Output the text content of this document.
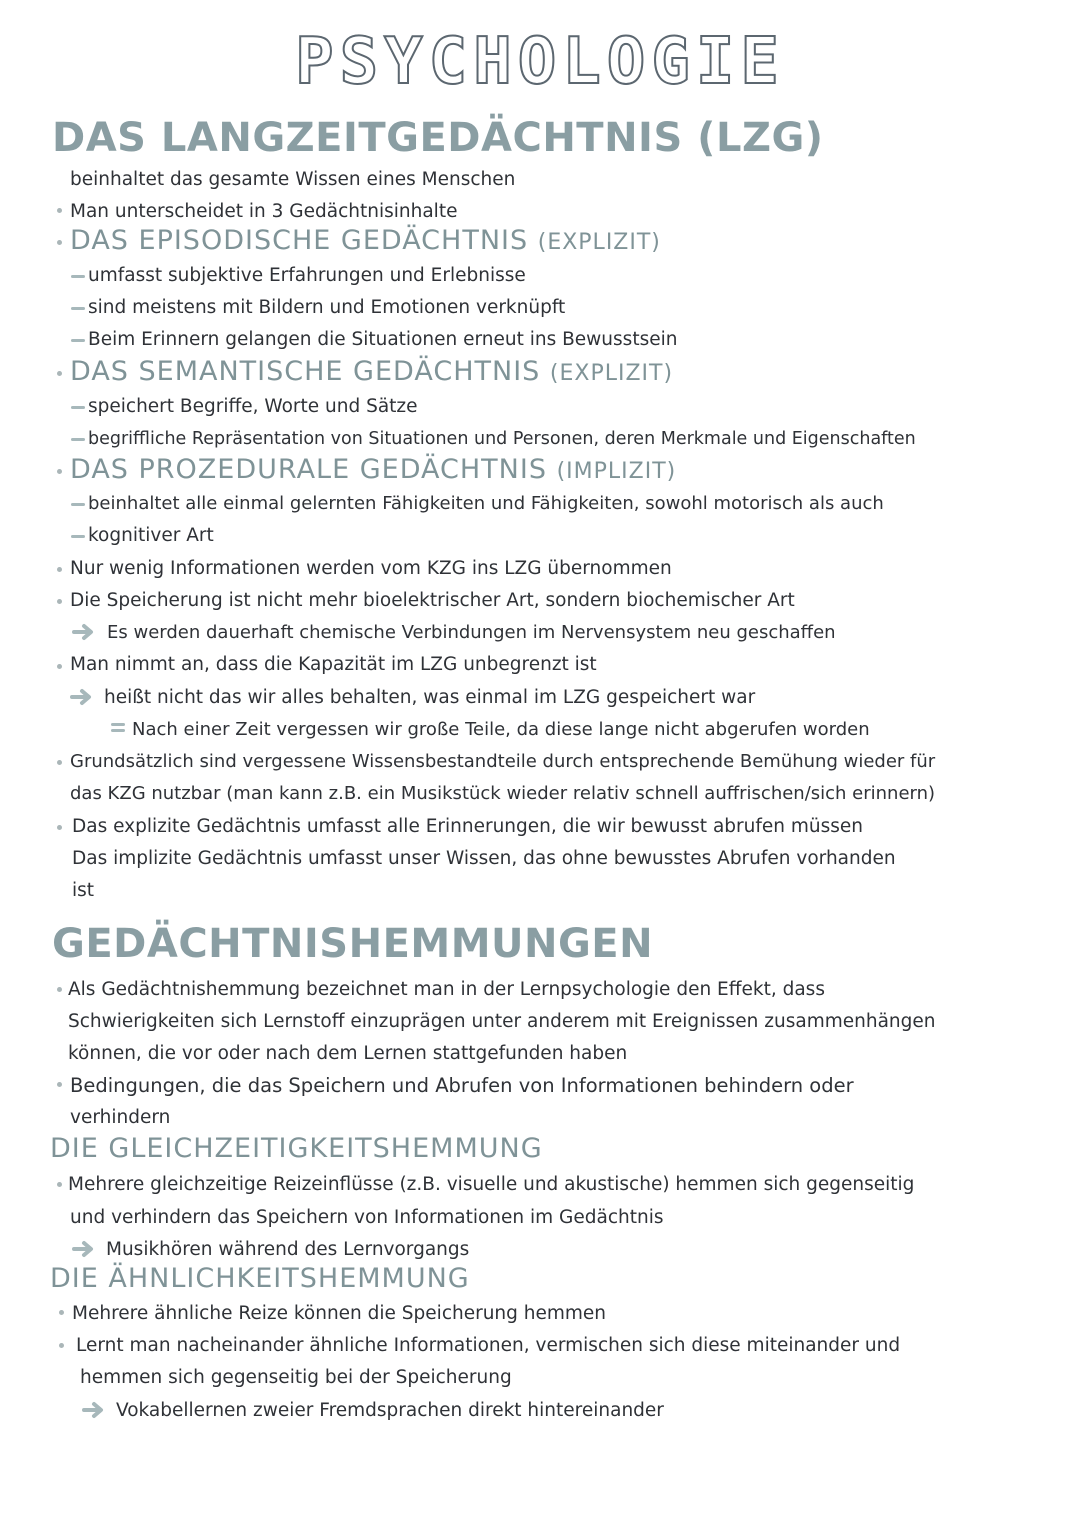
PSYCHOLOGIE
DAS LANGZEITGEDÄCHTNIS (LZG)
beinhaltet das gesamte Wissen eines Menschen
Man unterscheidet in 3 Gedächtnisinhalte
DAS EPISODISCHE GEDÄCHTNIS (EXPLIZIT)
umfasst subjektive Erfahrungen und Erlebnisse
sind meistens mit Bildern und Emotionen verknüpft
Beim Erinnern gelangen die Situationen erneut ins Bewusstsein
DAS SEMANTISCHE GEDÄCHTNIS (EXPLIZIT)
speichert Begriffe, Worte und Sätze
begriffliche Repräsentation von Situationen und Personen, deren Merkmale und Eigenschaften
DAS PROZEDURALE GEDÄCHTNIS (IMPLIZIT)
beinhaltet alle einmal gelernten Fähigkeiten und Fähigkeiten, sowohl motorisch als auch
kognitiver Art
Nur wenig Informationen werden vom KZG ins LZG übernommen
Die Speicherung ist nicht mehr bioelektrischer Art, sondern biochemischer Art
Es werden dauerhaft chemische Verbindungen im Nervensystem neu geschaffen
Man nimmt an, dass die Kapazität im LZG unbegrenzt ist
heißt nicht das wir alles behalten, was einmal im LZG gespeichert war
Nach einer Zeit vergessen wir große Teile, da diese lange nicht abgerufen worden
Grundsätzlich sind vergessene Wissensbestandteile durch entsprechende Bemühung wieder für
das KZG nutzbar (man kann z.B. ein Musikstück wieder relativ schnell auffrischen/sich erinnern)
Das explizite Gedächtnis umfasst alle Erinnerungen, die wir bewusst abrufen müssen
Das implizite Gedächtnis umfasst unser Wissen, das ohne bewusstes Abrufen vorhanden
ist
GEDÄCHTNISHEMMUNGEN
Als Gedächtnishemmung bezeichnet man in der Lernpsychologie den Effekt, dass
Schwierigkeiten sich Lernstoff einzuprägen unter anderem mit Ereignissen zusammenhängen
können, die vor oder nach dem Lernen stattgefunden haben
Bedingungen, die das Speichern und Abrufen von Informationen behindern oder
verhindern
DIE GLEICHZEITIGKEITSHEMMUNG
Mehrere gleichzeitige Reizeinflüsse (z.B. visuelle und akustische) hemmen sich gegenseitig
und verhindern das Speichern von Informationen im Gedächtnis
Musikhören während des Lernvorgangs
DIE ÄHNLICHKEITSHEMMUNG
Mehrere ähnliche Reize können die Speicherung hemmen
Lernt man nacheinander ähnliche Informationen, vermischen sich diese miteinander und
hemmen sich gegenseitig bei der Speicherung
Vokabellernen zweier Fremdsprachen direkt hintereinander
